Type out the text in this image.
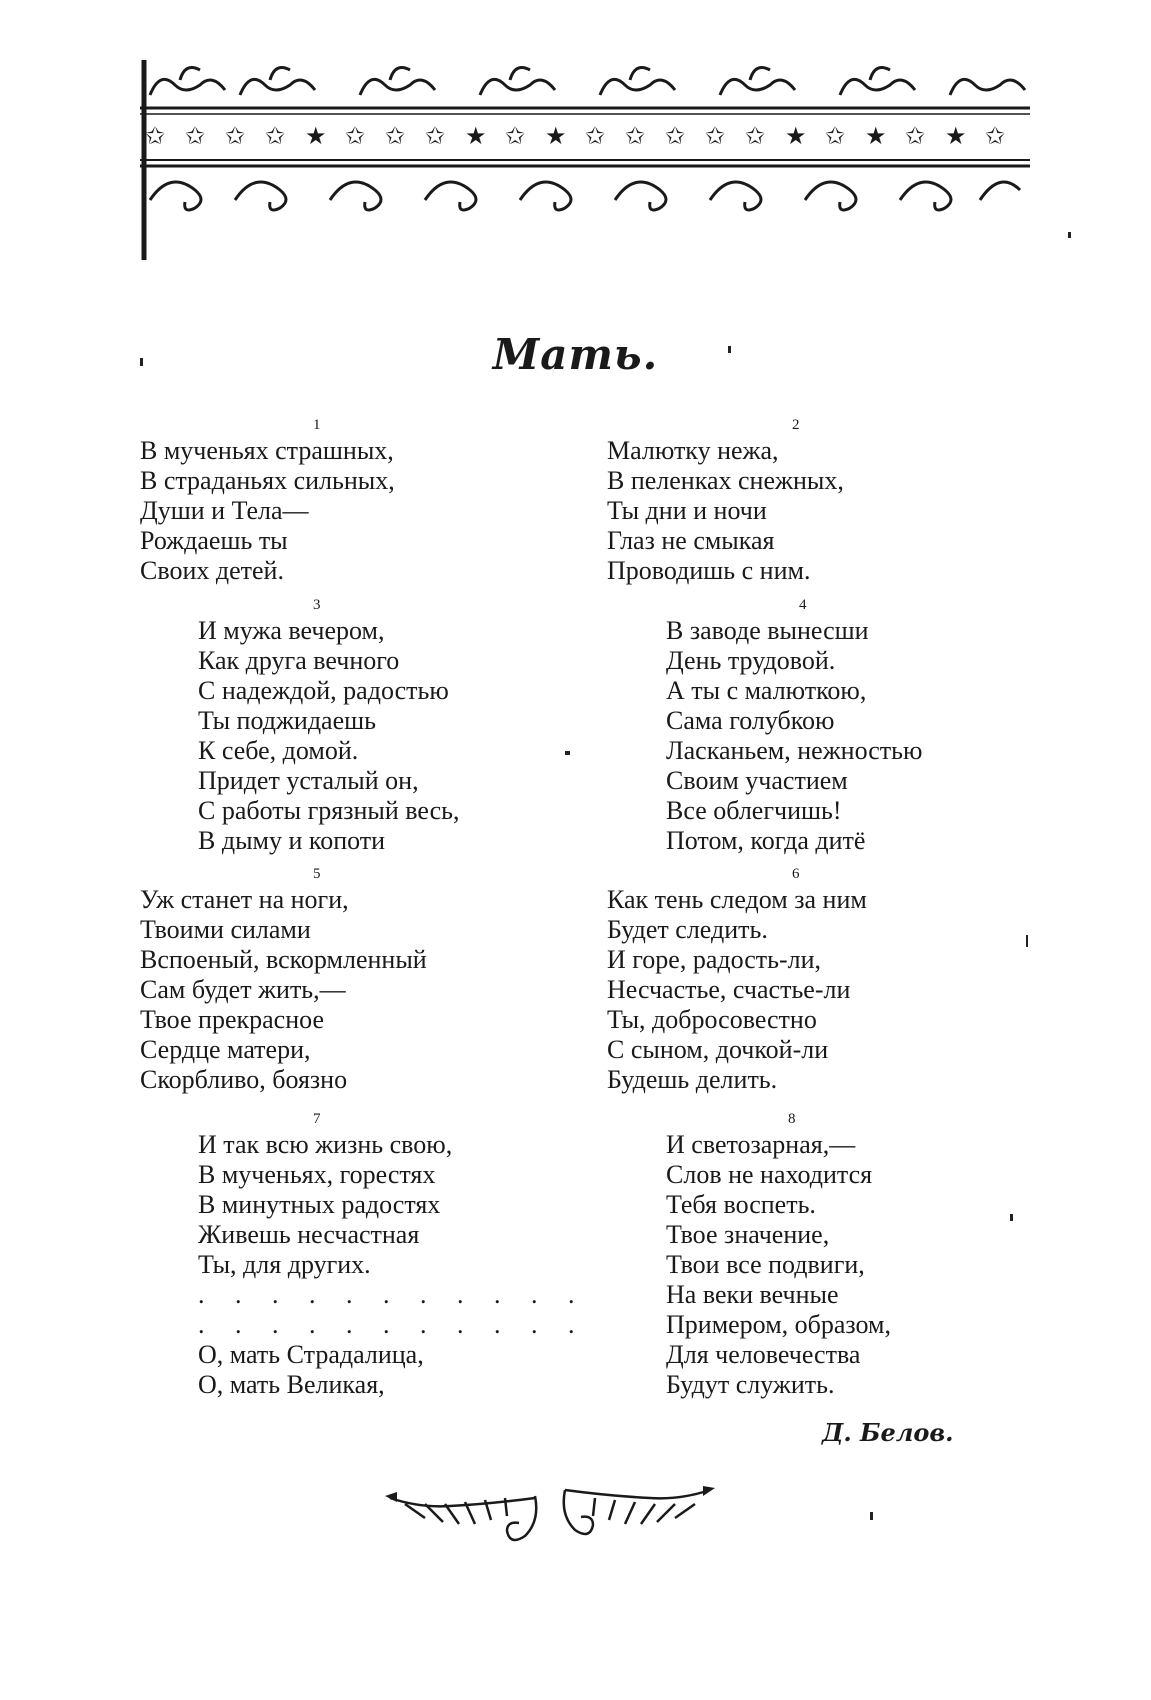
✩ ✩ ✩ ✩ ★ ✩ ✩ ✩ ★ ✩ ★ ✩ ✩ ✩ ✩ ✩ ★ ✩ ★ ✩ ★ ✩
Мать.
1
В мученьях страшных,
В страданьях сильных,
Души и Тела—
Рождаешь ты
Своих детей.
2
Малютку нежа,
В пеленках снежных,
Ты дни и ночи
Глаз не смыкая
Проводишь с ним.
3
И мужа вечером,
Как друга вечного
С надеждой, радостью
Ты поджидаешь
К себе, домой.
Придет усталый он,
С работы грязный весь,
В дыму и копоти
4
В заводе вынесши
День трудовой.
А ты с малюткою,
Сама голубкою
Ласканьем, нежностью
Своим участием
Все облегчишь!
Потом, когда дитё
5
Уж станет на ноги,
Твоими силами
Вспоеный, вскормленный
Сам будет жить,—
Твое прекрасное
Сердце матери,
Скорбливо, боязно
6
Как тень следом за ним
Будет следить.
И горе, радость-ли,
Несчастье, счастье-ли
Ты, добросовестно
С сыном, дочкой-ли
Будешь делить.
7
И так всю жизнь свою,
В мученьях, горестях
В минутных радостях
Живешь несчастная
Ты, для других.
. . . . . . . . . . .
. . . . . . . . . . .
О, мать Страдалица,
О, мать Великая,
8
И светозарная,—
Слов не находится
Тебя воспеть.
Твое значение,
Твои все подвиги,
На веки вечные
Примером, образом,
Для человечества
Будут служить.
Д. Белов.
